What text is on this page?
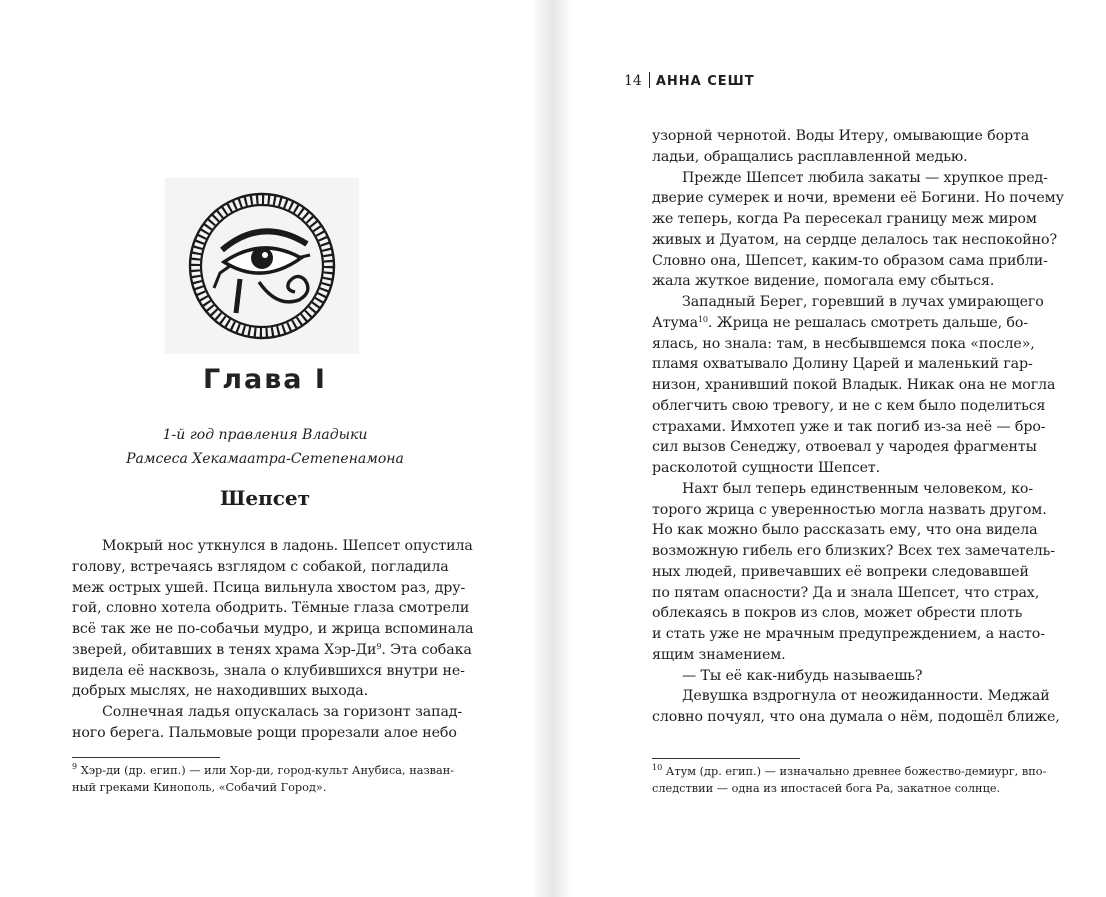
Глава I
1-й год правления Владыки
Рамсеса Хекамаатра-Сетепенамона
Шепсет
Мокрый нос уткнулся в ладонь. Шепсет опустила
голову, встречаясь взглядом с собакой, погладила
меж острых ушей. Псица вильнула хвостом раз, дру-
гой, словно хотела ободрить. Тёмные глаза смотрели
всё так же не по-собачьи мудро, и жрица вспоминала
зверей, обитавших в тенях храма Хэр-$Ди^9$. Эта собака
видела её насквозь, знала о клубившихся внутри не-
добрых мыслях, не находивших выхода.
Солнечная ладья опускалась за горизонт запад-
ного берега. Пальмовые рощи прорезали алое небо
$^9$ Хэр-ди (др. егип.) — или Хор-ди, город-культ Анубиса, назван-
ный греками Кинополь, «Собачий Город».
14 АННА СЕШТ
узорной чернотой. Воды Итеру, омывающие борта
ладьи, обращались расплавленной медью.
Прежде Шепсет любила закаты — хрупкое пред-
дверие сумерек и ночи, времени её Богини. Но почему
же теперь, когда Ра пересекал границу меж миром
живых и Дуатом, на сердце делалось так неспокойно?
Словно она, Шепсет, каким-то образом сама прибли-
жала жуткое видение, помогала ему сбыться.
Западный Берег, горевший в лучах умирающего
Атума$^{10}$. Жрица не решалась смотреть дальше, бо-
ялась, но знала: там, в несбывшемся пока «после»,
пламя охватывало Долину Царей и маленький гар-
низон, хранивший покой Владык. Никак она не могла
облегчить свою тревогу, и не с кем было поделиться
страхами. Имхотеп уже и так погиб из-за неё — бро-
сил вызов Сенеджу, отвоевал у чародея фрагменты
расколотой сущности Шепсет.
Нахт был теперь единственным человеком, ко-
торого жрица с уверенностью могла назвать другом.
Но как можно было рассказать ему, что она видела
возможную гибель его близких? Всех тех замечатель-
ных людей, привечавших её вопреки следовавшей
по пятам опасности? Да и знала Шепсет, что страх,
облекаясь в покров из слов, может обрести плоть
и стать уже не мрачным предупреждением, а насто-
ящим знамением.
— Ты её как-нибудь называешь?
Девушка вздрогнула от неожиданности. Меджай
словно почуял, что она думала о нём, подошёл ближе,
$^{10}$ Атум (др. егип.) — изначально древнее божество-демиург, впо-
следствии — одна из ипостасей бога Ра, закатное солнце.
